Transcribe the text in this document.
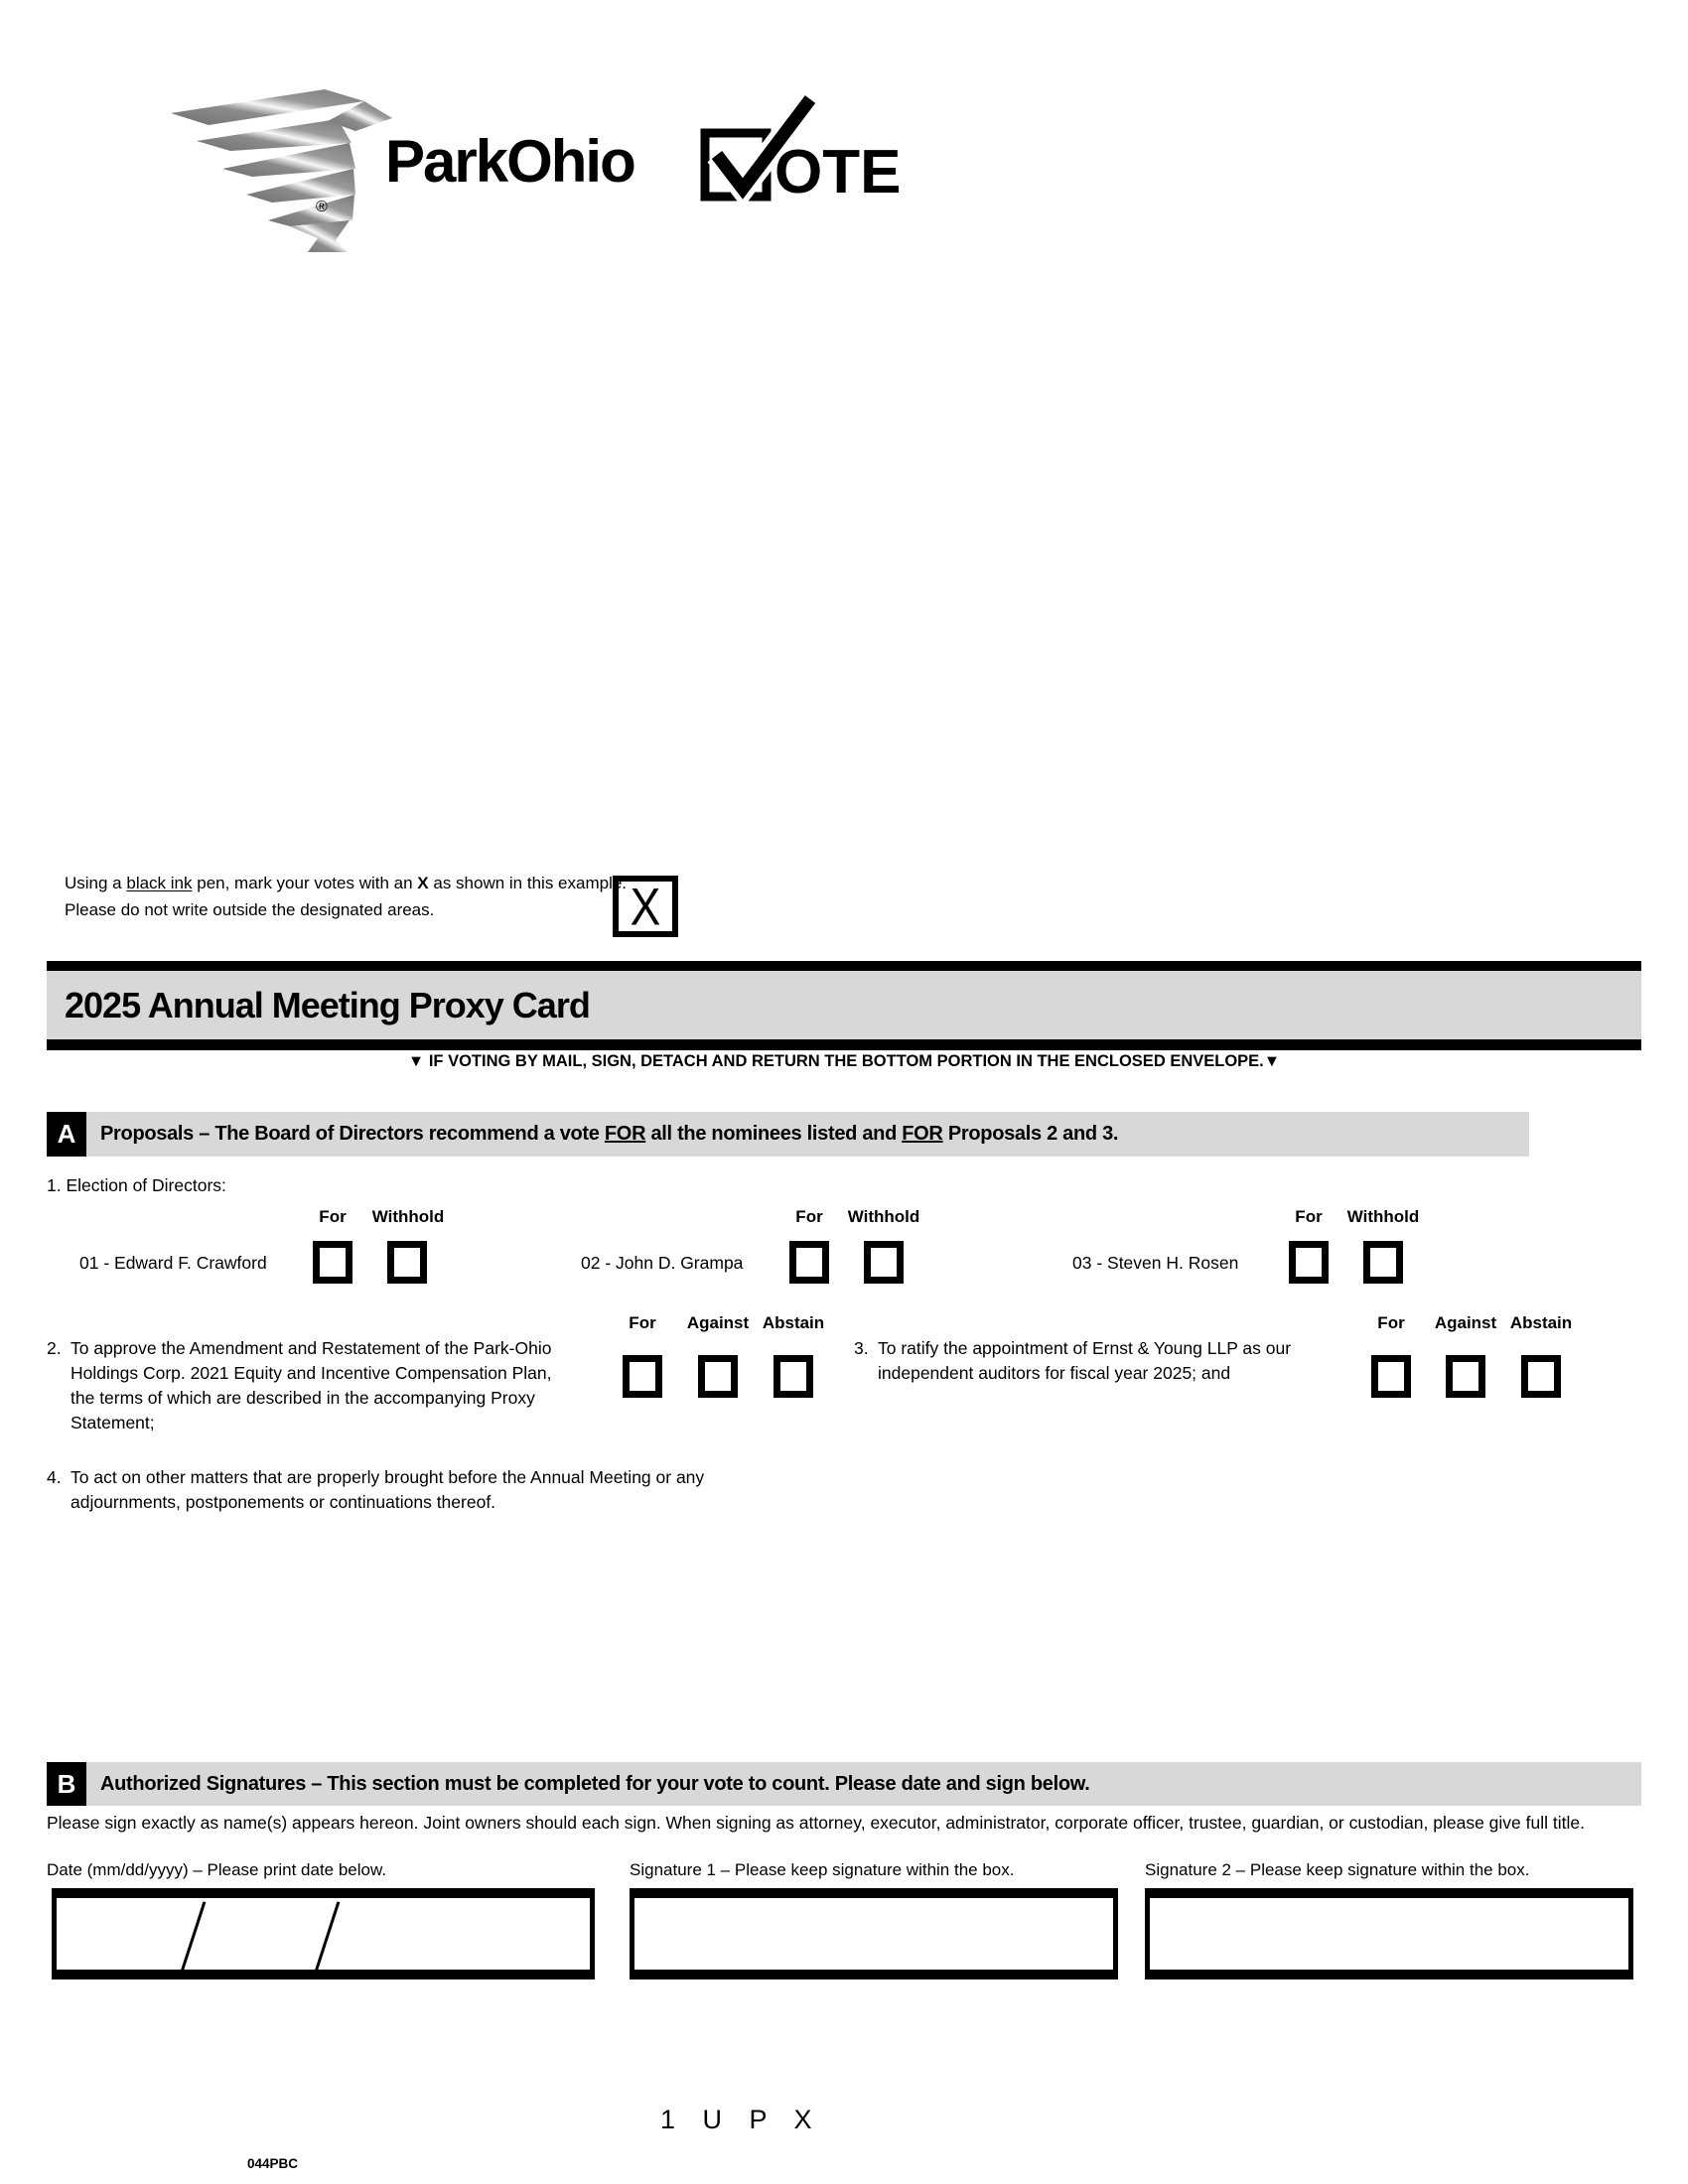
®
ParkOhio OTE
Using a black ink pen, mark your votes with an X as shown in this example.
Please do not write outside the designated areas.	X
2025 Annual Meeting Proxy Card
▼ IF VOTING BY MAIL, SIGN, DETACH AND RETURN THE BOTTOM PORTION IN THE ENCLOSED ENVELOPE.▼
A	Proposals – The Board of Directors recommend a vote FOR all the nominees listed and FOR Proposals 2 and 3.
1. Election of Directors:
For Withhold	For Withhold	For Withhold
01 - Edward F. Crawford	02 - John D. Grampa	03 - Steven H. Rosen
For Against Abstain	For Against Abstain
2. To approve the Amendment and Restatement of the Park-Ohio Holdings Corp. 2021 Equity and Incentive Compensation Plan, the terms of which are described in the accompanying Proxy Statement;
3. To ratify the appointment of Ernst & Young LLP as our independent auditors for fiscal year 2025; and
4. To act on other matters that are properly brought before the Annual Meeting or any adjournments, postponements or continuations thereof.
B	Authorized Signatures – This section must be completed for your vote to count. Please date and sign below.
Please sign exactly as name(s) appears hereon. Joint owners should each sign. When signing as attorney, executor, administrator, corporate officer, trustee, guardian, or custodian, please give full title.
Date (mm/dd/yyyy) – Please print date below.	Signature 1 – Please keep signature within the box.	Signature 2 – Please keep signature within the box.
1 U P X
044PBC
